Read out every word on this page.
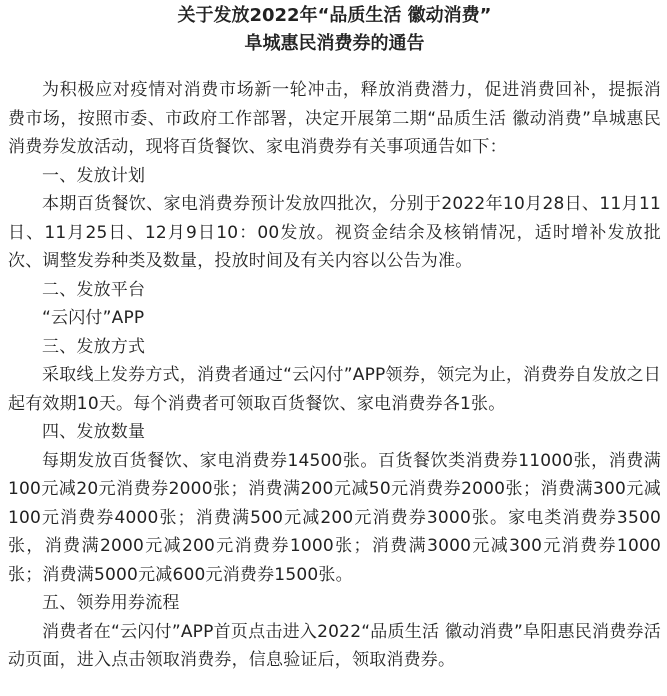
关于发放2022年“品质生活 徽动消费”
阜城惠民消费券的通告

为积极应对疫情对消费市场新一轮冲击，释放消费潜力，促进消费回补，提振消费市场，按照市委、市政府工作部署，决定开展第二期“品质生活 徽动消费”阜城惠民消费券发放活动，现将百货餐饮、家电消费券有关事项通告如下：

一、发放计划

本期百货餐饮、家电消费券预计发放四批次，分别于2022年10月28日、11月11日、11月25日、12月9日10：00发放。视资金结余及核销情况，适时增补发放批次、调整发券种类及数量，投放时间及有关内容以公告为准。

二、发放平台

“云闪付”APP

三、发放方式

采取线上发券方式，消费者通过“云闪付”APP领券，领完为止，消费券自发放之日起有效期10天。每个消费者可领取百货餐饮、家电消费券各1张。

四、发放数量

每期发放百货餐饮、家电消费券14500张。百货餐饮类消费券11000张，消费满100元减20元消费券2000张；消费满200元减50元消费券2000张；消费满300元减100元消费券4000张；消费满500元减200元消费券3000张。家电类消费券3500张，消费满2000元减200元消费券1000张；消费满3000元减300元消费券1000张；消费满5000元减600元消费券1500张。

五、领券用券流程

消费者在“云闪付”APP首页点击进入2022“品质生活 徽动消费”阜阳惠民消费券活动页面，进入点击领取消费券，信息验证后，领取消费券。
